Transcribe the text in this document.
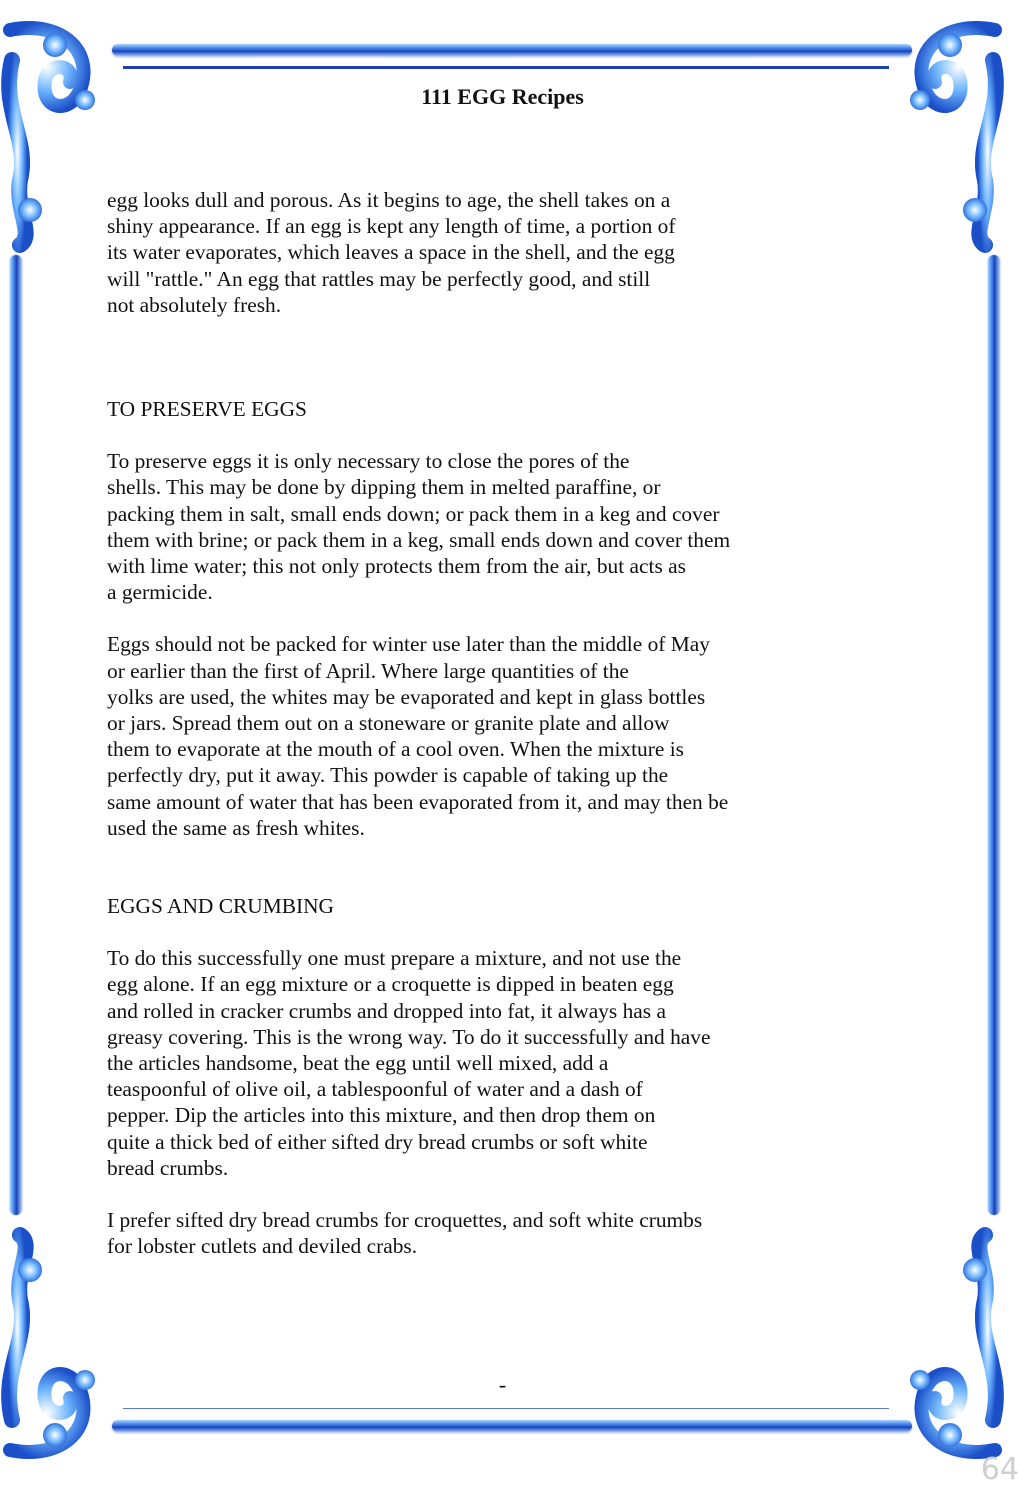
111 EGG Recipes

egg looks dull and porous. As it begins to age, the shell takes on a
shiny appearance. If an egg is kept any length of time, a portion of
its water evaporates, which leaves a space in the shell, and the egg
will "rattle." An egg that rattles may be perfectly good, and still
not absolutely fresh.

TO PRESERVE EGGS

To preserve eggs it is only necessary to close the pores of the
shells. This may be done by dipping them in melted paraffine, or
packing them in salt, small ends down; or pack them in a keg and cover
them with brine; or pack them in a keg, small ends down and cover them
with lime water; this not only protects them from the air, but acts as
a germicide.

Eggs should not be packed for winter use later than the middle of May
or earlier than the first of April. Where large quantities of the
yolks are used, the whites may be evaporated and kept in glass bottles
or jars. Spread them out on a stoneware or granite plate and allow
them to evaporate at the mouth of a cool oven. When the mixture is
perfectly dry, put it away. This powder is capable of taking up the
same amount of water that has been evaporated from it, and may then be
used the same as fresh whites.

EGGS AND CRUMBING

To do this successfully one must prepare a mixture, and not use the
egg alone. If an egg mixture or a croquette is dipped in beaten egg
and rolled in cracker crumbs and dropped into fat, it always has a
greasy covering. This is the wrong way. To do it successfully and have
the articles handsome, beat the egg until well mixed, add a
teaspoonful of olive oil, a tablespoonful of water and a dash of
pepper. Dip the articles into this mixture, and then drop them on
quite a thick bed of either sifted dry bread crumbs or soft white
bread crumbs.

I prefer sifted dry bread crumbs for croquettes, and soft white crumbs
for lobster cutlets and deviled crabs.

-
64
